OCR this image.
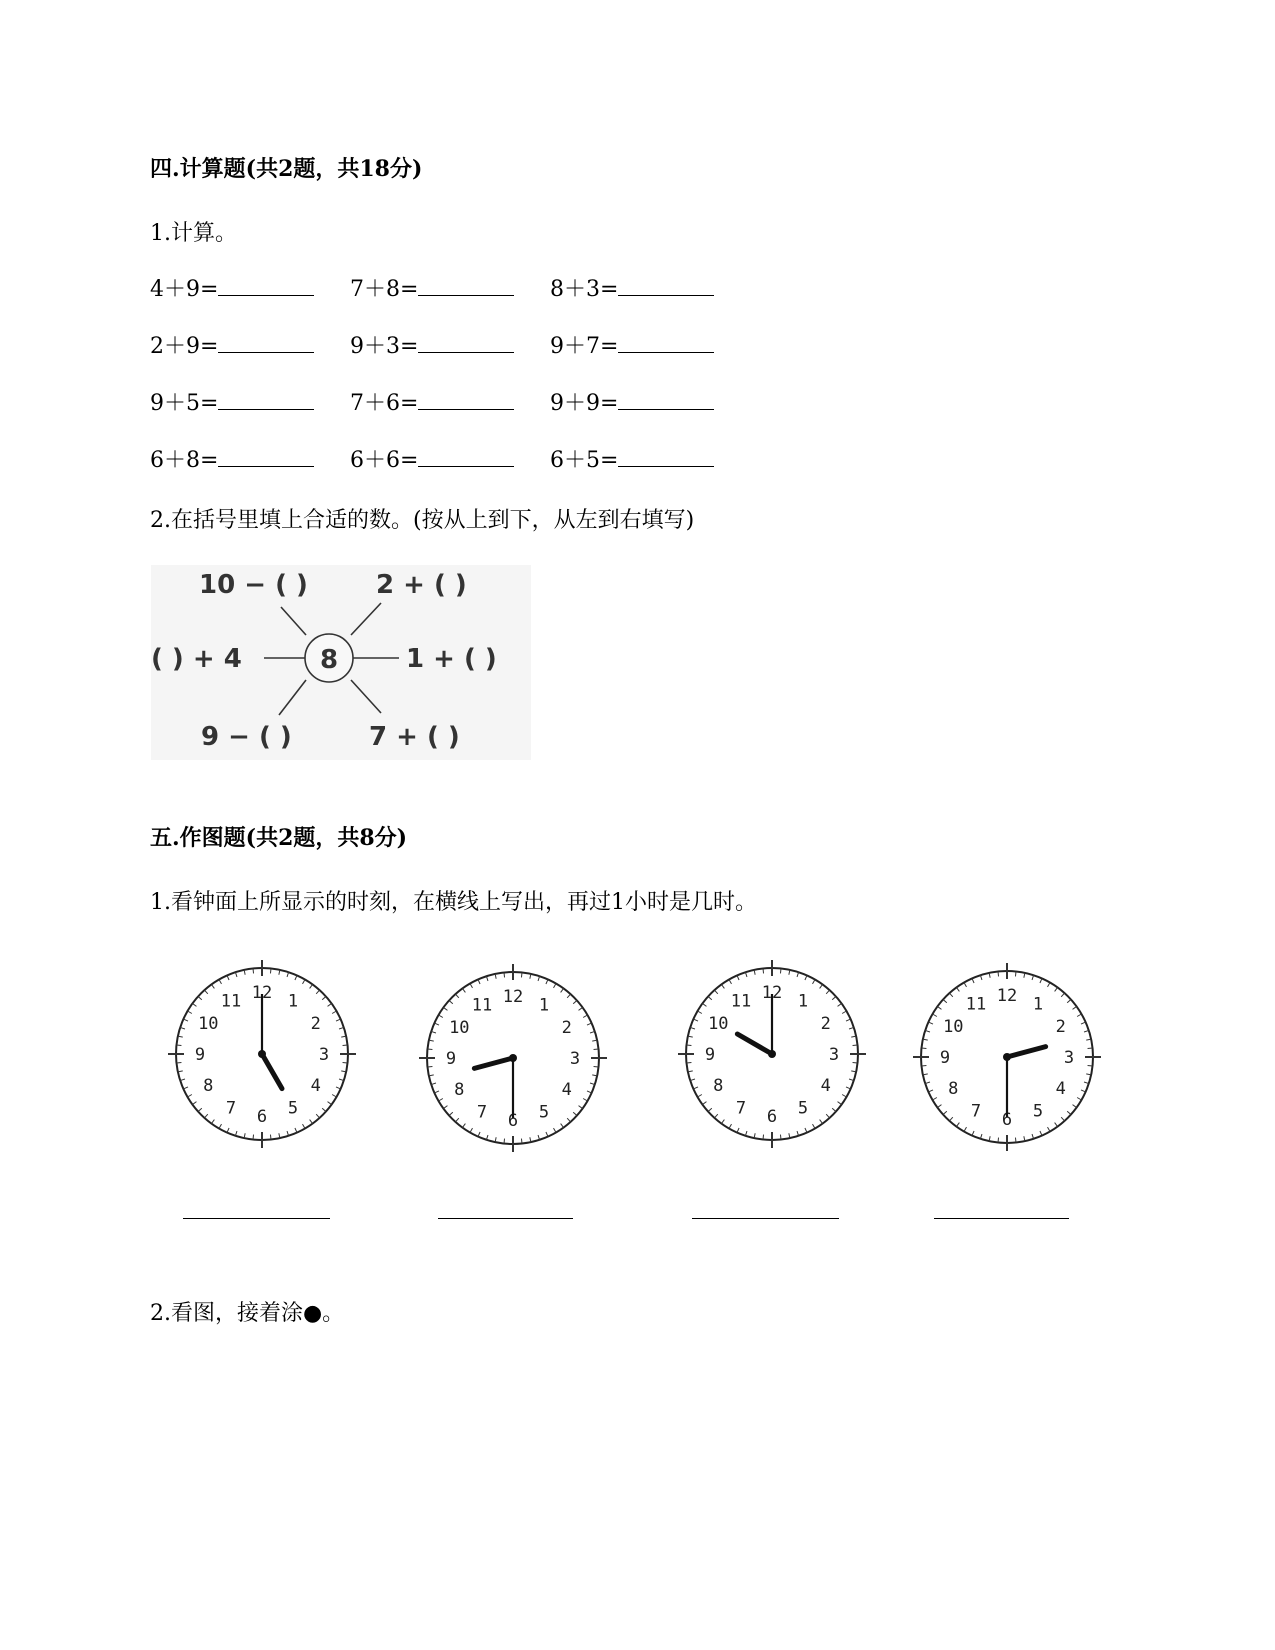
四.计算题(共2题，共18分)
1.计算。
4＋9=	7＋8=	8＋3=
2＋9=	9＋3=	9＋7=
9＋5=	7＋6=	9＋9=
6＋8=	6＋6=	6＋5=
2.在括号里填上合适的数。(按从上到下，从左到右填写)
8
10 − ( )	2 + ( )
( ) + 4	1 + ( )
9 − ( )	7 + ( )
五.作图题(共2题，共8分)
1.看钟面上所显示的时刻，在横线上写出，再过1小时是几时。
12 1
2
3
4
5
6
7
8
9
10
11	12 1
2
3
4
5
6
7
8
9
10
11
12 1
2
3
4
5
6
7
8
9
10
11	12 1
2
3
4
5
6
7
8
9
10
11
2.看图，接着涂●。
